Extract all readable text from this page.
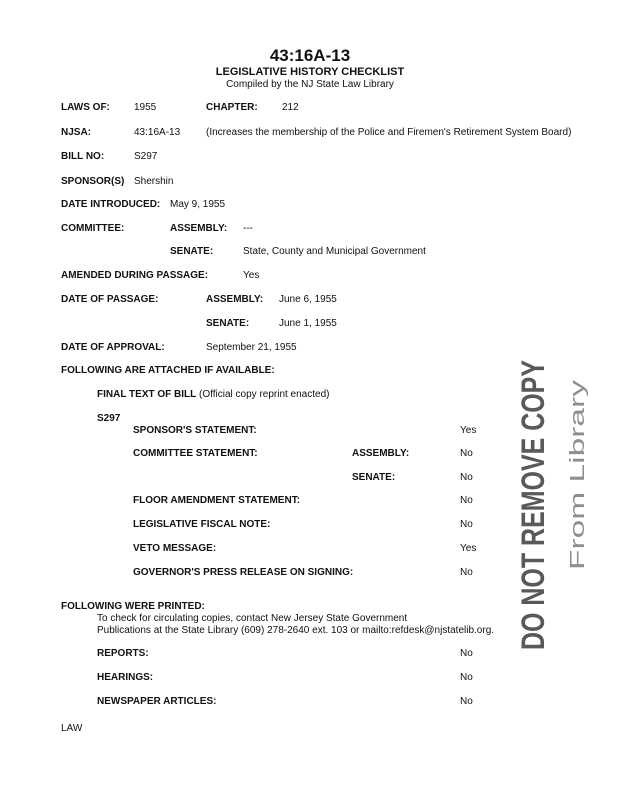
43:16A-13
LEGISLATIVE HISTORY CHECKLIST
Compiled by the NJ State Law Library
LAWS OF: 1955	CHAPTER: 212
NJSA:	43:16A-13	(Increases the membership of the Police and Firemen's Retirement System Board)
BILL NO:	S297
SPONSOR(S) Shershin
DATE INTRODUCED: May 9, 1955
COMMITTEE:	ASSEMBLY: ---
SENATE:	State, County and Municipal Government
AMENDED DURING PASSAGE:	Yes
DATE OF PASSAGE:	ASSEMBLY: June 6, 1955
SENATE:	June 1, 1955
DATE OF APPROVAL:	September 21, 1955
FOLLOWING ARE ATTACHED IF AVAILABLE:
FINAL TEXT OF BILL (Official copy reprint enacted)
S297
SPONSOR'S STATEMENT:	Yes
COMMITTEE STATEMENT:	ASSEMBLY:	No
SENATE:	No
FLOOR AMENDMENT STATEMENT:	No
LEGISLATIVE FISCAL NOTE:	No
VETO MESSAGE:	Yes
GOVERNOR'S PRESS RELEASE ON SIGNING:	No
FOLLOWING WERE PRINTED:
To check for circulating copies, contact New Jersey State Government
Publications at the State Library (609) 278-2640 ext. 103 or mailto:refdesk@njstatelib.org.
REPORTS:	No
HEARINGS:	No
NEWSPAPER ARTICLES:	No
LAW
DO NOT REMOVE COPY From Library
